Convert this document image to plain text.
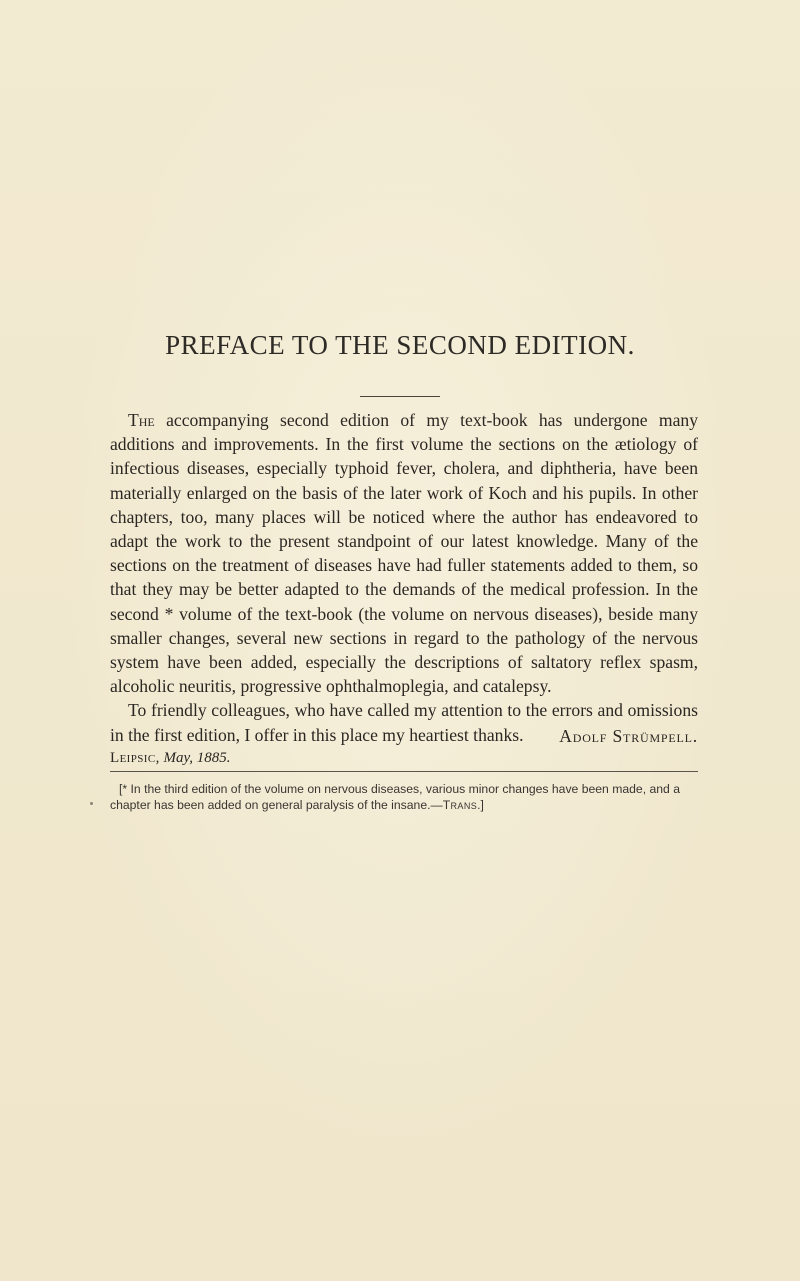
PREFACE TO THE SECOND EDITION.

The accompanying second edition of my text-book has undergone many additions and improvements. In the first volume the sections on the ætiology of infectious diseases, especially typhoid fever, cholera, and diphtheria, have been materially enlarged on the basis of the later work of Koch and his pupils. In other chapters, too, many places will be noticed where the author has endeavored to adapt the work to the present standpoint of our latest knowledge. Many of the sections on the treatment of diseases have had fuller statements added to them, so that they may be better adapted to the demands of the medical profession. In the second * volume of the text-book (the volume on nervous diseases), beside many smaller changes, several new sections in regard to the pathology of the nervous system have been added, especially the descriptions of saltatory reflex spasm, alcoholic neuritis, progressive ophthalmoplegia, and catalepsy.

To friendly colleagues, who have called my attention to the errors and omissions in the first edition, I offer in this place my heartiest thanks.	Adolf Strümpell.
Leipsic, May, 1885.
[* In the third edition of the volume on nervous diseases, various minor changes have been made, and a chapter has been added on general paralysis of the insane.—Trans.]
